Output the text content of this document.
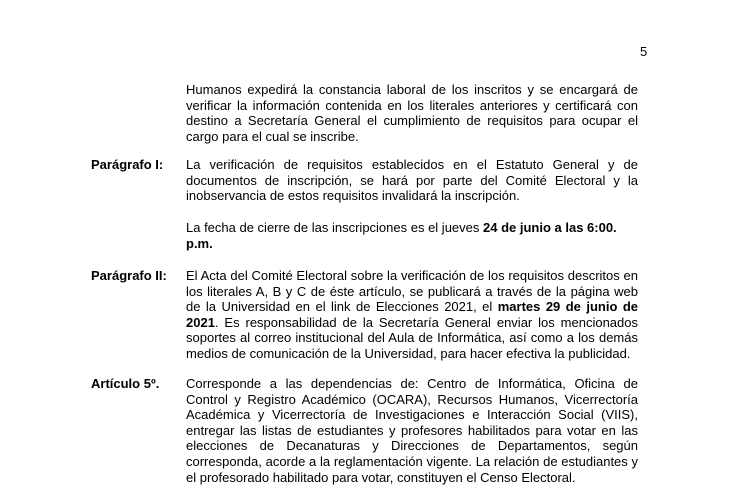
5
Humanos expedirá la constancia laboral de los inscritos y se encargará de verificar la información contenida en los literales anteriores y certificará con destino a Secretaría General el cumplimiento de requisitos para ocupar el cargo para el cual se inscribe.
Parágrafo I: La verificación de requisitos establecidos en el Estatuto General y de documentos de inscripción, se hará por parte del Comité Electoral y la inobservancia de estos requisitos invalidará la inscripción.
La fecha de cierre de las inscripciones es el jueves 24 de junio a las 6:00. p.m.
Parágrafo II: El Acta del Comité Electoral sobre la verificación de los requisitos descritos en los literales A, B y C de éste artículo, se publicará a través de la página web de la Universidad en el link de Elecciones 2021, el martes 29 de junio de 2021. Es responsabilidad de la Secretaría General enviar los mencionados soportes al correo institucional del Aula de Informática, así como a los demás medios de comunicación de la Universidad, para hacer efectiva la publicidad.
Artículo 5º. Corresponde a las dependencias de: Centro de Informática, Oficina de Control y Registro Académico (OCARA), Recursos Humanos, Vicerrectoría Académica y Vicerrectoría de Investigaciones e Interacción Social (VIIS), entregar las listas de estudiantes y profesores habilitados para votar en las elecciones de Decanaturas y Direcciones de Departamentos, según corresponda, acorde a la reglamentación vigente. La relación de estudiantes y el profesorado habilitado para votar, constituyen el Censo Electoral.
